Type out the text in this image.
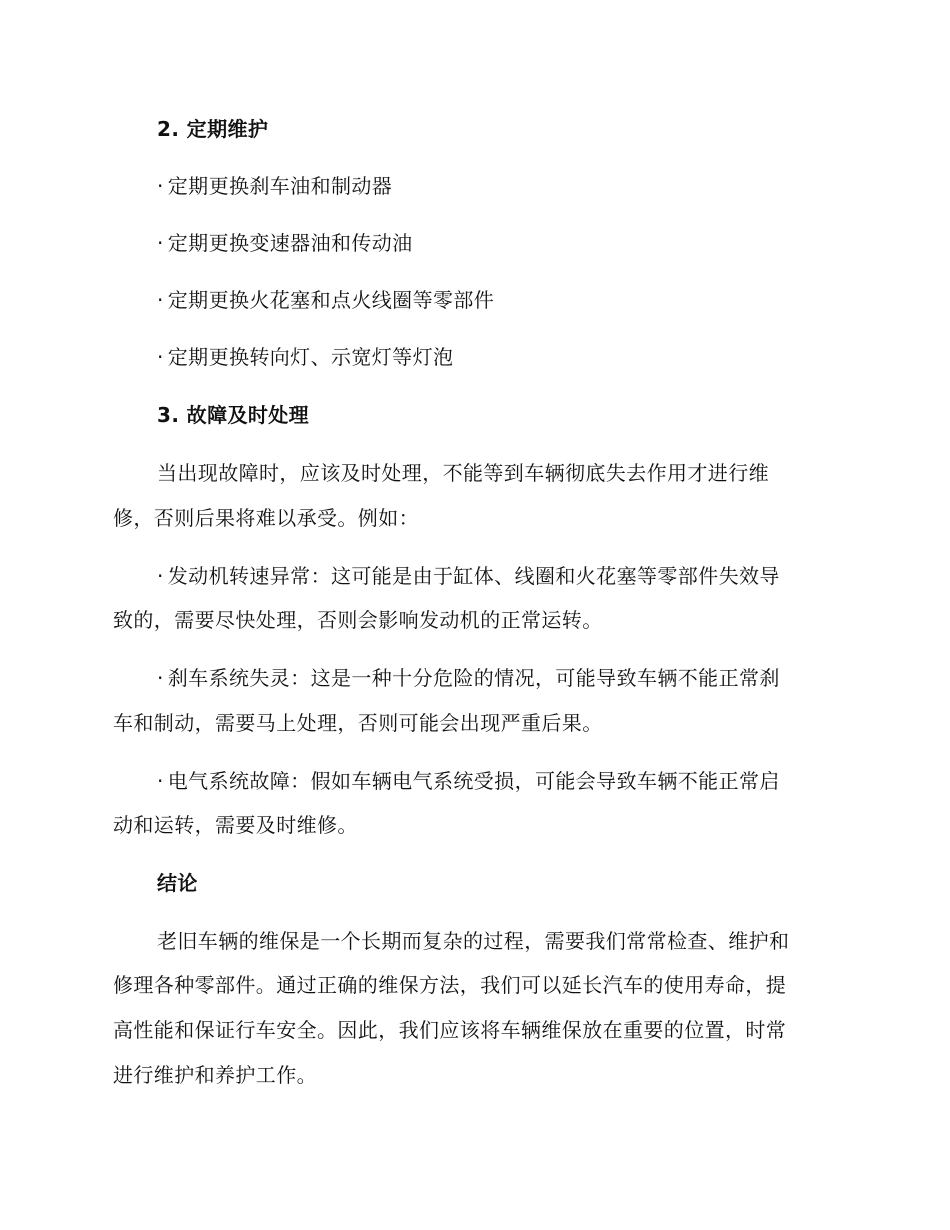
2. 定期维护
· 定期更换刹车油和制动器
· 定期更换变速器油和传动油
· 定期更换火花塞和点火线圈等零部件
· 定期更换转向灯、示宽灯等灯泡
3. 故障及时处理
当出现故障时，应该及时处理，不能等到车辆彻底失去作用才进行维
修，否则后果将难以承受。例如：
· 发动机转速异常：这可能是由于缸体、线圈和火花塞等零部件失效导
致的，需要尽快处理，否则会影响发动机的正常运转。
· 刹车系统失灵：这是一种十分危险的情况，可能导致车辆不能正常刹
车和制动，需要马上处理，否则可能会出现严重后果。
· 电气系统故障：假如车辆电气系统受损，可能会导致车辆不能正常启
动和运转，需要及时维修。
结论
老旧车辆的维保是一个长期而复杂的过程，需要我们常常检查、维护和
修理各种零部件。通过正确的维保方法，我们可以延长汽车的使用寿命，提
高性能和保证行车安全。因此，我们应该将车辆维保放在重要的位置，时常
进行维护和养护工作。
